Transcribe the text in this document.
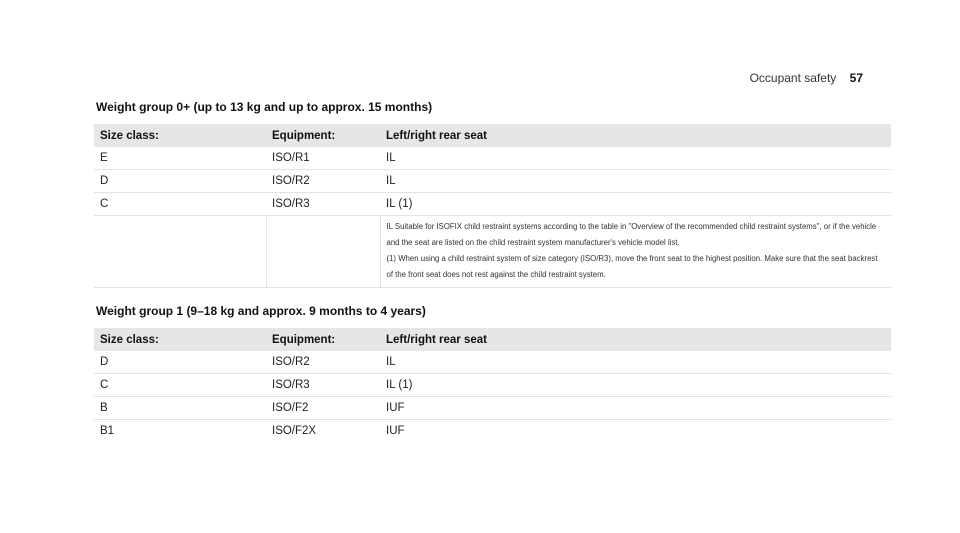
Occupant safety 57
Weight group 0+ (up to 13 kg and up to approx. 15 months)
Size class:	Equipment:	Left/right rear seat
E	ISO/R1	IL
D	ISO/R2	IL
C	ISO/R3	IL (1)

		IL Suitable for ISOFIX child restraint systems according to the table in "Overview of the recommended child restraint systems", or if the vehicle and the seat are listed on the child restraint system manufacturer's vehicle model list.

(1) When using a child restraint system of size category (ISO/R3), move the front seat to the highest position. Make sure that the seat backrest of the front seat does not rest against the child restraint system.

Weight group 1 (9–18 kg and approx. 9 months to 4 years)
Size class:	Equipment:	Left/right rear seat
D	ISO/R2	IL
C	ISO/R3	IL (1)
B	ISO/F2	IUF
B1	ISO/F2X	IUF
